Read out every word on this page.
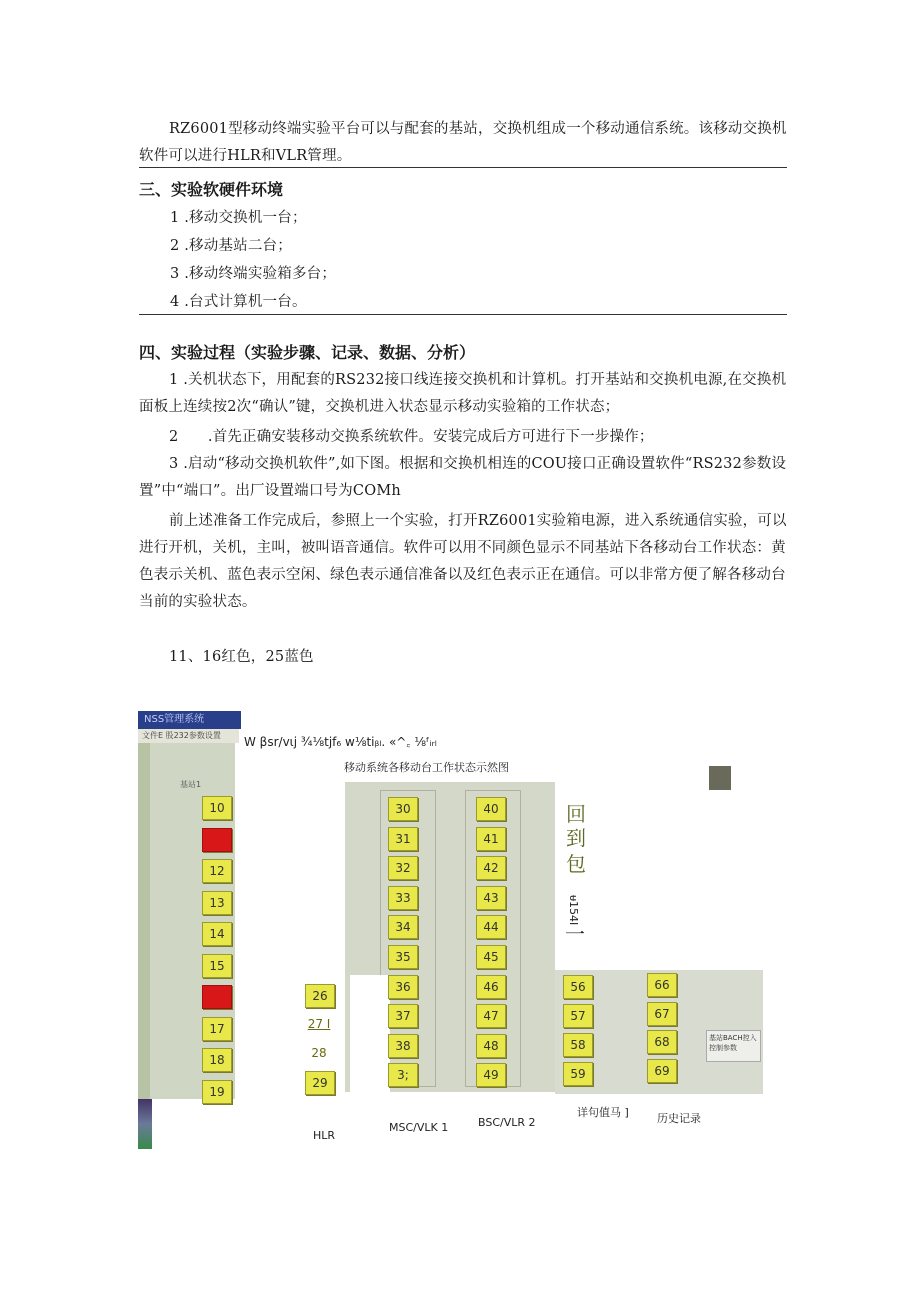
RZ6001型移动终端实验平台可以与配套的基站，交换机组成一个移动通信系统。该移动交换机软件可以进行HLR和VLR管理。
三、实验软硬件环境
1 .移动交换机一台；
2 .移动基站二台；
3 .移动终端实验箱多台；
4 .台式计算机一台。
四、实验过程（实验步骤、记录、数据、分析）
1 .关机状态下，用配套的RS232接口线连接交换机和计算机。打开基站和交换机电源,在交换机面板上连续按2次“确认”键，交换机进入状态显示移动实验箱的工作状态；
2　　.首先正确安装移动交换系统软件。安装完成后方可进行下一步操作；
3 .启动“移动交换机软件”,如下图。根据和交换机相连的COU接口正确设置软件“RS232参数设置”中“端口”。出厂设置端口号为COMh
前上述准备工作完成后，参照上一个实验，打开RZ6001实验箱电源，进入系统通信实验，可以进行开机，关机，主叫，被叫语音通信。软件可以用不同颜色显示不同基站下各移动台工作状态：黄色表示关机、蓝色表示空闲、绿色表示通信准备以及红色表示正在通信。可以非常方便了解各移动台当前的实验状态。
11、16红色，25蓝色
NSS管理系统
文件E 股232参数设置
基站1
10
11
12
13
14
15
16
17
18
19
W βsr/vιj ¾⅛tjf₆ w⅛tiᵦₗ. «^꜀ ⅛ᶠᵢᵣₗ
移动系统各移动台工作状态示然图
回
到
包
ᵾ154Ι
一
基站BACH控入控制参数
30
31
32
33
34
35
36
37
38
3;
40
41
42
43
44
45
46
47
48
49
56
57
58
59
66
67
68
69
26
27 I
28
29
HLR
MSC/VLK 1	BSC/VLR 2
详句值马 ]	历史记录
